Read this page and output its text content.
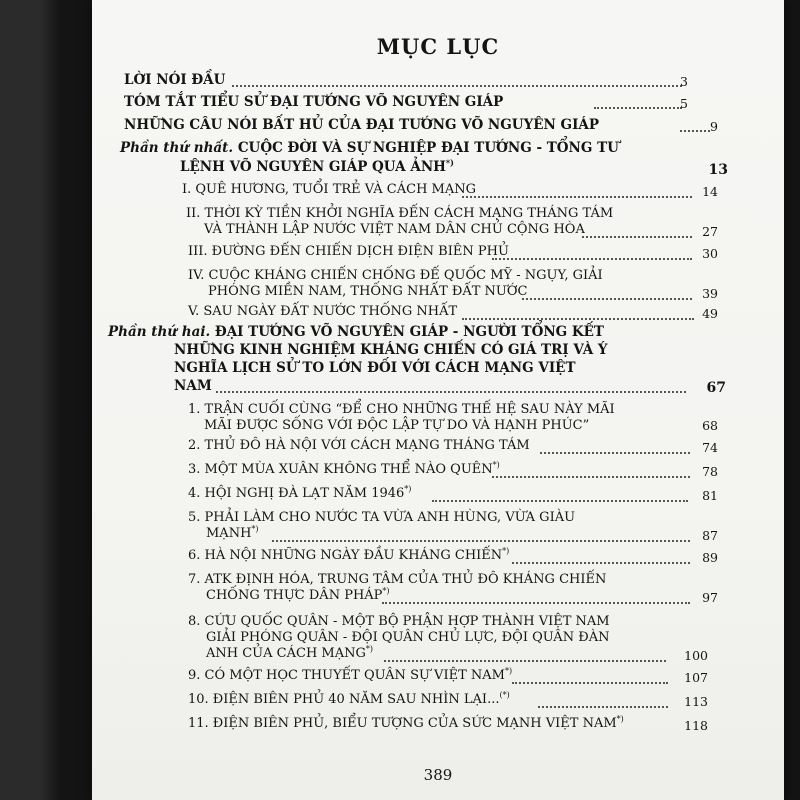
MỤC LỤC
LỜI NÓI ĐẦU	3
TÓM TẮT TIỂU SỬ ĐẠI TƯỚNG VÕ NGUYÊN GIÁP	5
NHỮNG CÂU NÓI BẤT HỦ CỦA ĐẠI TƯỚNG VÕ NGUYÊN GIÁP	9
Phần thứ nhất. CUỘC ĐỜI VÀ SỰ NGHIỆP ĐẠI TƯỚNG - TỔNG TƯ
LỆNH VÕ NGUYÊN GIÁP QUA ẢNH*)	13
I. QUÊ HƯƠNG, TUỔI TRẺ VÀ CÁCH MẠNG	14
II. THỜI KỲ TIỀN KHỞI NGHĨA ĐẾN CÁCH MẠNG THÁNG TÁM
VÀ THÀNH LẬP NƯỚC VIỆT NAM DÂN CHỦ CỘNG HÒA	27
III. ĐƯỜNG ĐẾN CHIẾN DỊCH ĐIỆN BIÊN PHỦ	30
IV. CUỘC KHÁNG CHIẾN CHỐNG ĐẾ QUỐC MỸ - NGỤY, GIẢI
PHÓNG MIỀN NAM, THỐNG NHẤT ĐẤT NƯỚC	39
V. SAU NGÀY ĐẤT NƯỚC THỐNG NHẤT	49
Phần thứ hai. ĐẠI TƯỚNG VÕ NGUYÊN GIÁP - NGƯỜI TỔNG KẾT
NHỮNG KINH NGHIỆM KHÁNG CHIẾN CÓ GIÁ TRỊ VÀ Ý
NGHĨA LỊCH SỬ TO LỚN ĐỐI VỚI CÁCH MẠNG VIỆT
NAM	67
1. TRẬN CUỐI CÙNG “ĐỂ CHO NHỮNG THẾ HỆ SAU NÀY MÃI
MÃI ĐƯỢC SỐNG VỚI ĐỘC LẬP TỰ DO VÀ HẠNH PHÚC”	68
2. THỦ ĐÔ HÀ NỘI VỚI CÁCH MẠNG THÁNG TÁM	74
3. MỘT MÙA XUÂN KHÔNG THỂ NÀO QUÊN*)	78
4. HỘI NGHỊ ĐÀ LẠT NĂM 1946*)	81
5. PHẢI LÀM CHO NƯỚC TA VỪA ANH HÙNG, VỪA GIÀU
MẠNH*)	87
6. HÀ NỘI NHỮNG NGÀY ĐẦU KHÁNG CHIẾN*)	89
7. ATK ĐỊNH HÓA, TRUNG TÂM CỦA THỦ ĐÔ KHÁNG CHIẾN
CHỐNG THỰC DÂN PHÁP*)	97
8. CỨU QUỐC QUÂN - MỘT BỘ PHẬN HỢP THÀNH VIỆT NAM
GIẢI PHÓNG QUÂN - ĐỘI QUÂN CHỦ LỰC, ĐỘI QUÂN ĐÀN
ANH CỦA CÁCH MẠNG*)	100
9. CÓ MỘT HỌC THUYẾT QUÂN SỰ VIỆT NAM*)	107
10. ĐIỆN BIÊN PHỦ 40 NĂM SAU NHÌN LẠI...(*)	113
11. ĐIỆN BIÊN PHỦ, BIỂU TƯỢNG CỦA SỨC MẠNH VIỆT NAM*)	118
389
